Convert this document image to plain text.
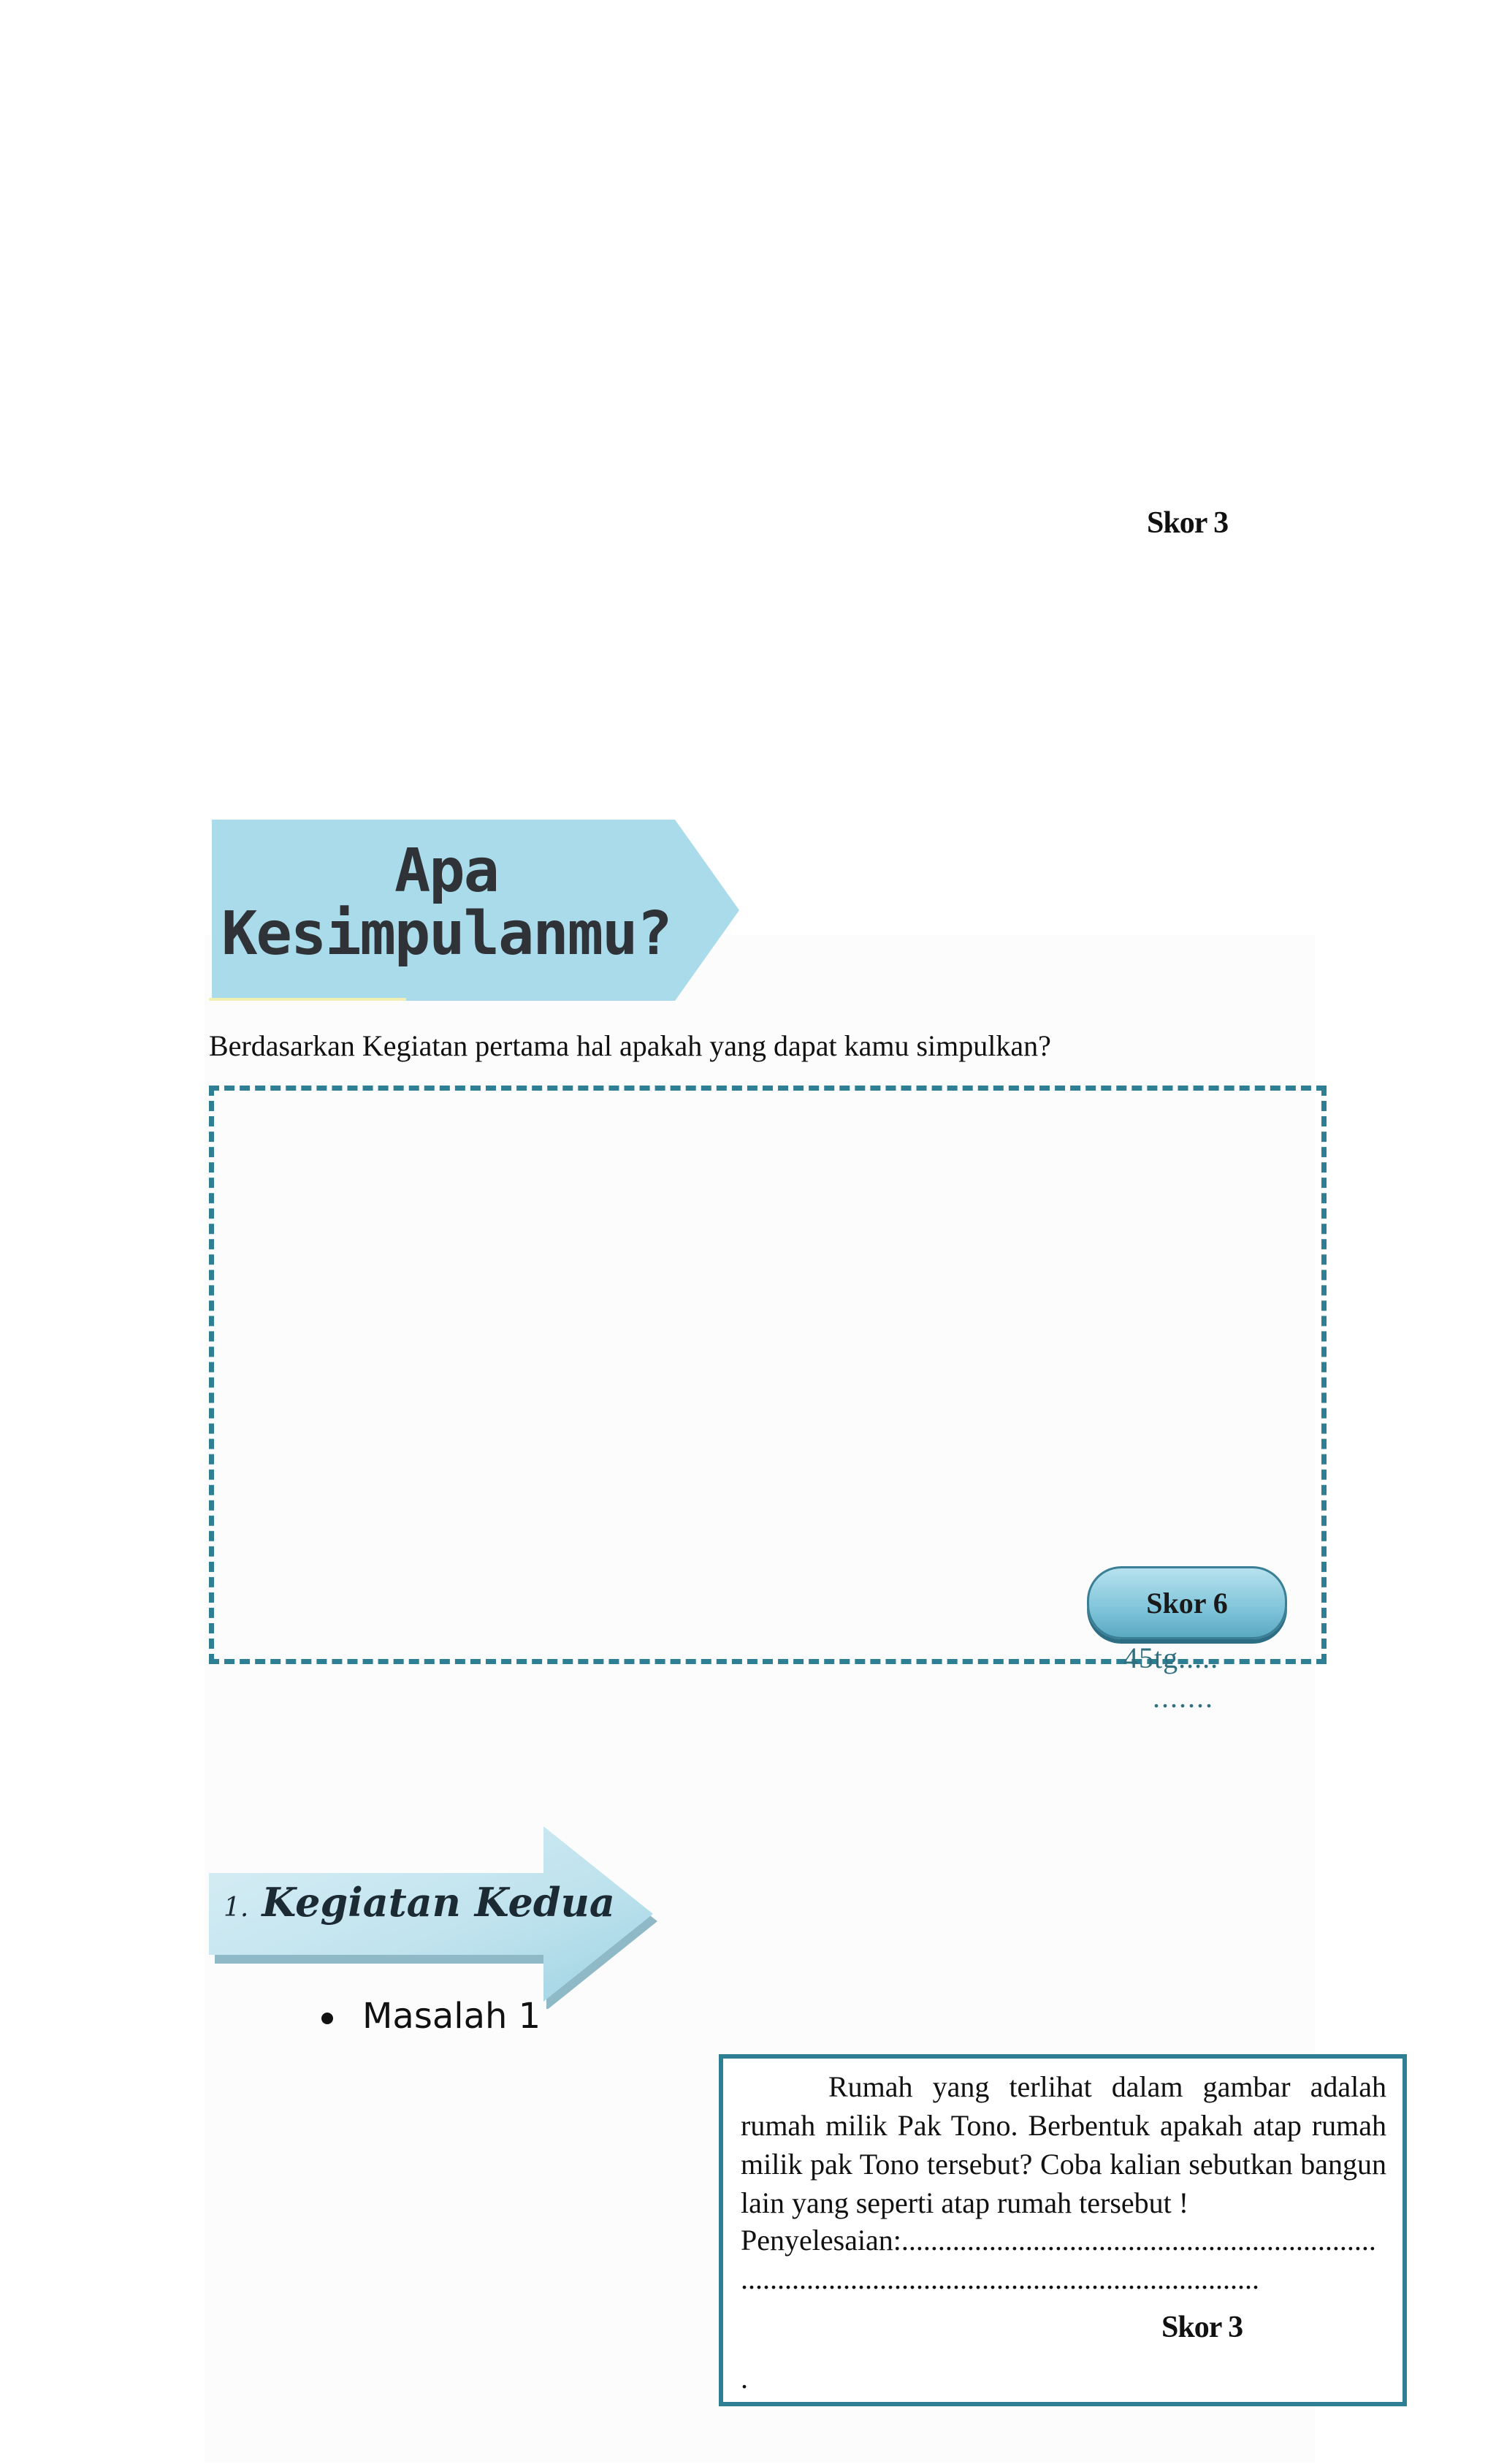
Skor 3
Apa
Kesimpulanmu?
Berdasarkan Kegiatan pertama hal apakah yang dapat kamu simpulkan?
Skor 6
45tg.....
.......
1. Kegiatan Kedua
Masalah 1
Rumah yang terlihat dalam gambar adalah rumah milik Pak Tono. Berbentuk apakah atap rumah milik pak Tono tersebut? Coba kalian sebutkan bangun lain yang seperti atap rumah tersebut !
Penyelesaian:.................................................................
.......................................................................
Skor 3
.
